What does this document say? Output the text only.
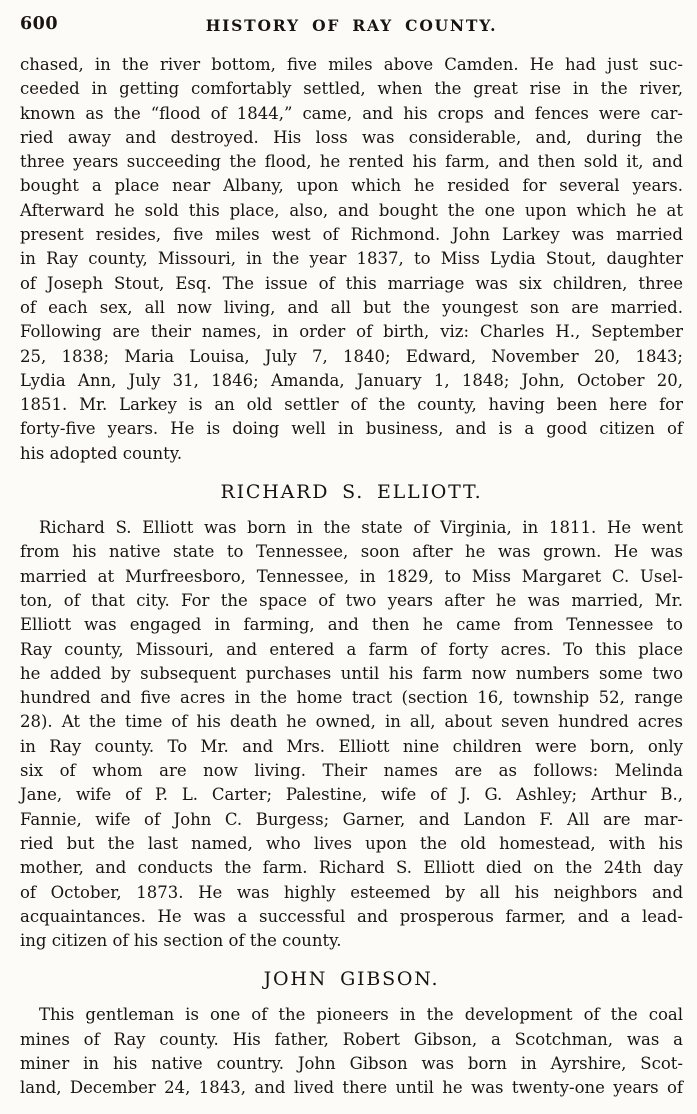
600	HISTORY OF RAY COUNTY.
chased, in the river bottom, five miles above Camden. He had just suc-
ceeded in getting comfortably settled, when the great rise in the river,
known as the “flood of 1844,” came, and his crops and fences were car-
ried away and destroyed. His loss was considerable, and, during the
three years succeeding the flood, he rented his farm, and then sold it, and
bought a place near Albany, upon which he resided for several years.
Afterward he sold this place, also, and bought the one upon which he at
present resides, five miles west of Richmond. John Larkey was married
in Ray county, Missouri, in the year 1837, to Miss Lydia Stout, daughter
of Joseph Stout, Esq. The issue of this marriage was six children, three
of each sex, all now living, and all but the youngest son are married.
Following are their names, in order of birth, viz: Charles H., September
25, 1838; Maria Louisa, July 7, 1840; Edward, November 20, 1843;
Lydia Ann, July 31, 1846; Amanda, January 1, 1848; John, October 20,
1851. Mr. Larkey is an old settler of the county, having been here for
forty-five years. He is doing well in business, and is a good citizen of
his adopted county.
RICHARD S. ELLIOTT.
Richard S. Elliott was born in the state of Virginia, in 1811. He went
from his native state to Tennessee, soon after he was grown. He was
married at Murfreesboro, Tennessee, in 1829, to Miss Margaret C. Usel-
ton, of that city. For the space of two years after he was married, Mr.
Elliott was engaged in farming, and then he came from Tennessee to
Ray county, Missouri, and entered a farm of forty acres. To this place
he added by subsequent purchases until his farm now numbers some two
hundred and five acres in the home tract (section 16, township 52, range
28). At the time of his death he owned, in all, about seven hundred acres
in Ray county. To Mr. and Mrs. Elliott nine children were born, only
six of whom are now living. Their names are as follows: Melinda
Jane, wife of P. L. Carter; Palestine, wife of J. G. Ashley; Arthur B.,
Fannie, wife of John C. Burgess; Garner, and Landon F. All are mar-
ried but the last named, who lives upon the old homestead, with his
mother, and conducts the farm. Richard S. Elliott died on the 24th day
of October, 1873. He was highly esteemed by all his neighbors and
acquaintances. He was a successful and prosperous farmer, and a lead-
ing citizen of his section of the county.
JOHN GIBSON.
This gentleman is one of the pioneers in the development of the coal
mines of Ray county. His father, Robert Gibson, a Scotchman, was a
miner in his native country. John Gibson was born in Ayrshire, Scot-
land, December 24, 1843, and lived there until he was twenty-one years of
